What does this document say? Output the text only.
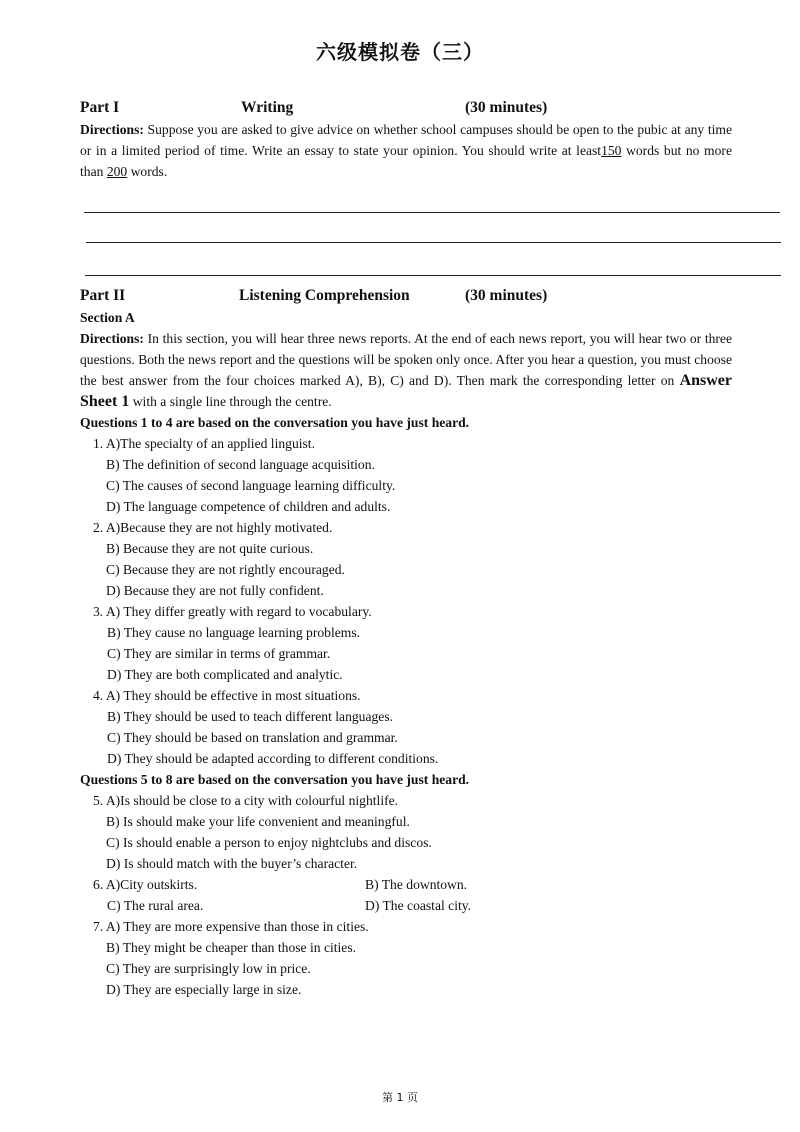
六级模拟卷（三）
Part I	Writing	(30 minutes)
Directions: Suppose you are asked to give advice on whether school campuses should be open to the pubic at any time or in a limited period of time. Write an essay to state your opinion. You should write at least150 words but no more than 200 words.
Part II	Listening Comprehension	(30 minutes)
Section A
Directions: In this section, you will hear three news reports. At the end of each news report, you will hear two or three questions. Both the news report and the questions will be spoken only once. After you hear a question, you must choose the best answer from the four choices marked A), B), C) and D). Then mark the corresponding letter on Answer Sheet 1 with a single line through the centre.
Questions 1 to 4 are based on the conversation you have just heard.
1. A)The specialty of an applied linguist.
B) The definition of second language acquisition.
C) The causes of second language learning difficulty.
D) The language competence of children and adults.
2. A)Because they are not highly motivated.
B) Because they are not quite curious.
C) Because they are not rightly encouraged.
D) Because they are not fully confident.
3. A) They differ greatly with regard to vocabulary.
B) They cause no language learning problems.
C) They are similar in terms of grammar.
D) They are both complicated and analytic.
4. A) They should be effective in most situations.
B) They should be used to teach different languages.
C) They should be based on translation and grammar.
D) They should be adapted according to different conditions.
Questions 5 to 8 are based on the conversation you have just heard.
5. A)Is should be close to a city with colourful nightlife.
B) Is should make your life convenient and meaningful.
C) Is should enable a person to enjoy nightclubs and discos.
D) Is should match with the buyer’s character.
6. A)City outskirts.	B) The downtown.
C) The rural area.	D) The coastal city.
7. A) They are more expensive than those in cities.
B) They might be cheaper than those in cities.
C) They are surprisingly low in price.
D) They are especially large in size.
第 1 页
